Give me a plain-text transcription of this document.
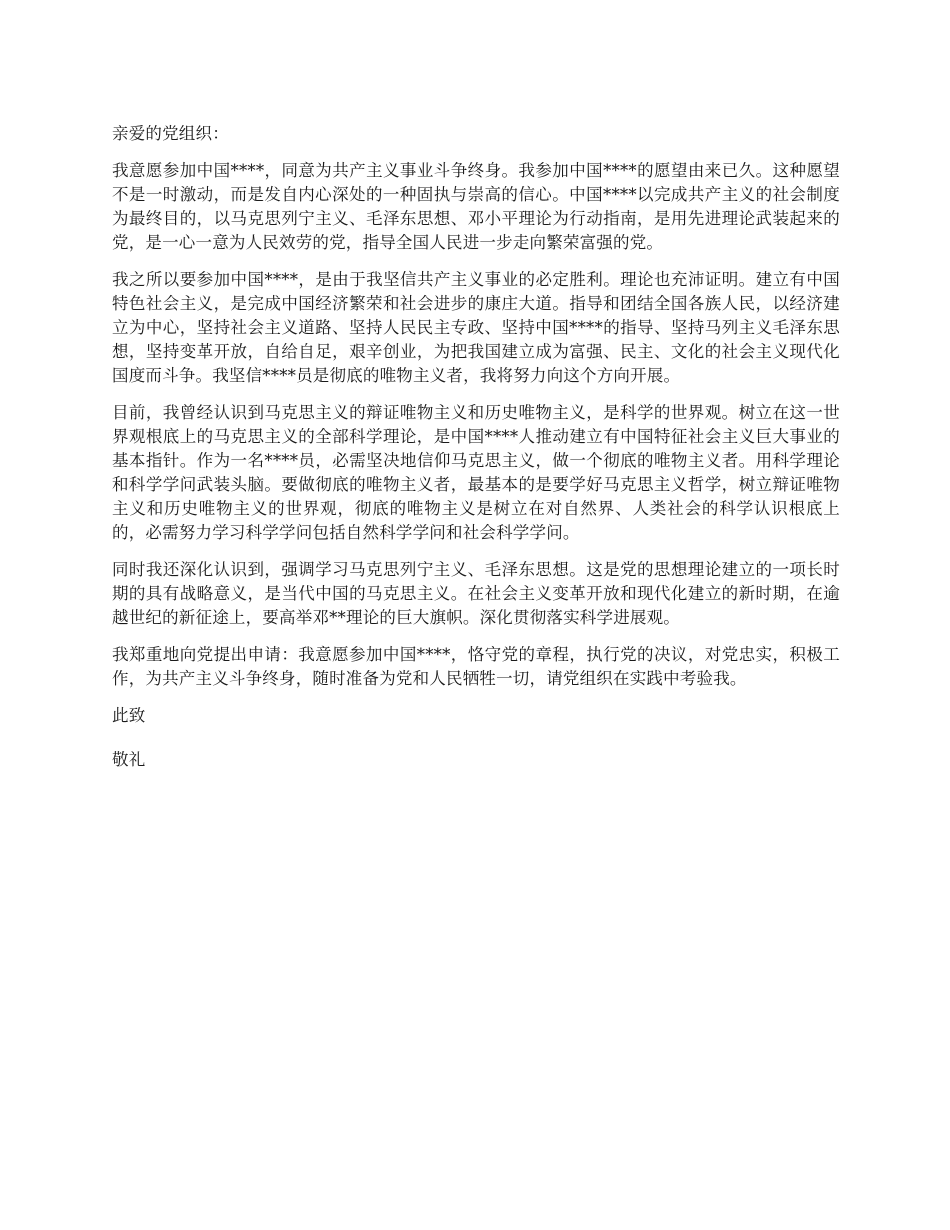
亲爱的党组织：

我意愿参加中国****，同意为共产主义事业斗争终身。我参加中国****的愿望由来已久。这种愿望不是一时激动，而是发自内心深处的一种固执与崇高的信心。中国****以完成共产主义的社会制度为最终目的，以马克思列宁主义、毛泽东思想、邓小平理论为行动指南，是用先进理论武装起来的党，是一心一意为人民效劳的党，指导全国人民进一步走向繁荣富强的党。

我之所以要参加中国****，是由于我坚信共产主义事业的必定胜利。理论也充沛证明。建立有中国特色社会主义，是完成中国经济繁荣和社会进步的康庄大道。指导和团结全国各族人民，以经济建立为中心，坚持社会主义道路、坚持人民民主专政、坚持中国****的指导、坚持马列主义毛泽东思想，坚持变革开放，自给自足，艰辛创业，为把我国建立成为富强、民主、文化的社会主义现代化国度而斗争。我坚信****员是彻底的唯物主义者，我将努力向这个方向开展。

目前，我曾经认识到马克思主义的辩证唯物主义和历史唯物主义，是科学的世界观。树立在这一世界观根底上的马克思主义的全部科学理论，是中国****人推动建立有中国特征社会主义巨大事业的基本指针。作为一名****员，必需坚决地信仰马克思主义，做一个彻底的唯物主义者。用科学理论和科学学问武装头脑。要做彻底的唯物主义者，最基本的是要学好马克思主义哲学，树立辩证唯物主义和历史唯物主义的世界观，彻底的唯物主义是树立在对自然界、人类社会的科学认识根底上的，必需努力学习科学学问包括自然科学学问和社会科学学问。

同时我还深化认识到，强调学习马克思列宁主义、毛泽东思想。这是党的思想理论建立的一项长时期的具有战略意义，是当代中国的马克思主义。在社会主义变革开放和现代化建立的新时期，在逾越世纪的新征途上，要高举邓**理论的巨大旗帜。深化贯彻落实科学进展观。

我郑重地向党提出申请：我意愿参加中国****，恪守党的章程，执行党的决议，对党忠实，积极工作，为共产主义斗争终身，随时准备为党和人民牺牲一切，请党组织在实践中考验我。

此致

敬礼
